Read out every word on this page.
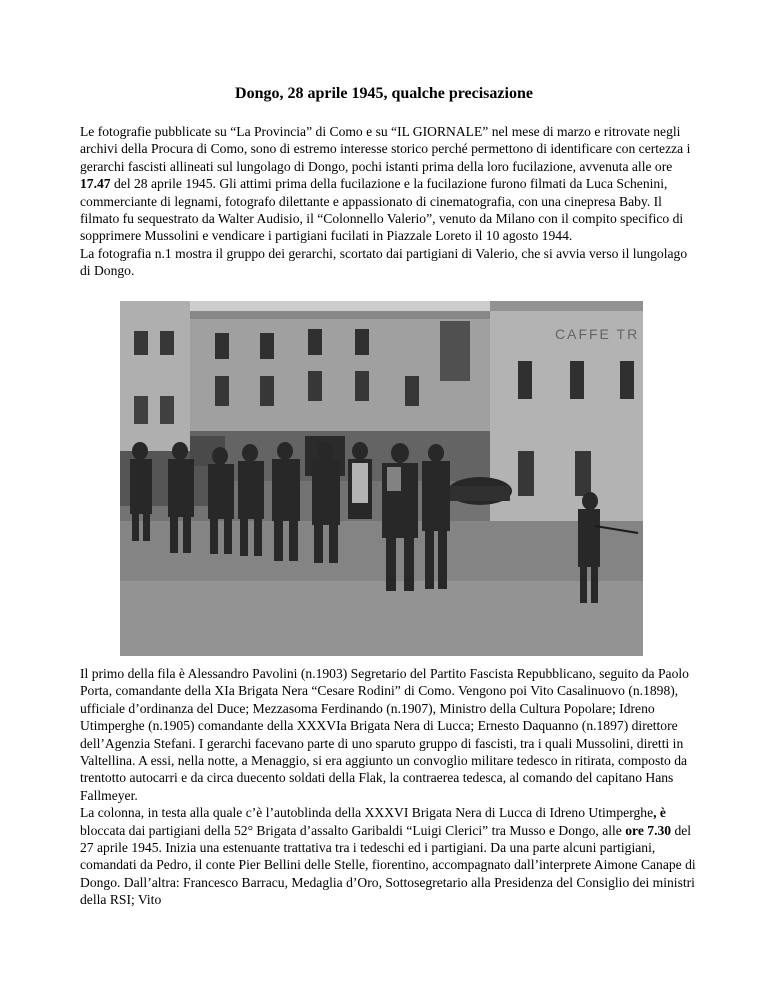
Dongo, 28 aprile 1945, qualche precisazione

Le fotografie pubblicate su “La Provincia” di Como e su “IL GIORNALE” nel mese di marzo e ritrovate negli archivi della Procura di Como, sono di estremo interesse storico perché permettono di identificare con certezza i gerarchi fascisti allineati sul lungolago di Dongo, pochi istanti prima della loro fucilazione, avvenuta alle ore 17.47 del 28 aprile 1945. Gli attimi prima della fucilazione e la fucilazione furono filmati da Luca Schenini, commerciante di legnami, fotografo dilettante e appassionato di cinematografia, con una cinepresa Baby. Il filmato fu sequestrato da Walter Audisio, il “Colonnello Valerio”, venuto da Milano con il compito specifico di sopprimere Mussolini e vendicare i partigiani fucilati in Piazzale Loreto il 10 agosto 1944.

La fotografia n.1 mostra il gruppo dei gerarchi, scortato dai partigiani di Valerio, che si avvia verso il lungolago di Dongo.

CAFFE TR

Il primo della fila è Alessandro Pavolini (n.1903) Segretario del Partito Fascista Repubblicano, seguito da Paolo Porta, comandante della XIa Brigata Nera “Cesare Rodini” di Como. Vengono poi Vito Casalinuovo (n.1898), ufficiale d’ordinanza del Duce; Mezzasoma Ferdinando (n.1907), Ministro della Cultura Popolare; Idreno Utimperghe (n.1905) comandante della XXXVIa Brigata Nera di Lucca; Ernesto Daquanno (n.1897) direttore dell’Agenzia Stefani. I gerarchi facevano parte di uno sparuto gruppo di fascisti, tra i quali Mussolini, diretti in Valtellina. A essi, nella notte, a Menaggio, si era aggiunto un convoglio militare tedesco in ritirata, composto da trentotto autocarri e da circa duecento soldati della Flak, la contraerea tedesca, al comando del capitano Hans Fallmeyer.

La colonna, in testa alla quale c’è l’autoblinda della XXXVI Brigata Nera di Lucca di Idreno Utimperghe, è bloccata dai partigiani della 52° Brigata d’assalto Garibaldi “Luigi Clerici” tra Musso e Dongo, alle ore 7.30 del 27 aprile 1945. Inizia una estenuante trattativa tra i tedeschi ed i partigiani. Da una parte alcuni partigiani, comandati da Pedro, il conte Pier Bellini delle Stelle, fiorentino, accompagnato dall’interprete Aimone Canape di Dongo. Dall’altra: Francesco Barracu, Medaglia d’Oro, Sottosegretario alla Presidenza del Consiglio dei ministri della RSI; Vito
